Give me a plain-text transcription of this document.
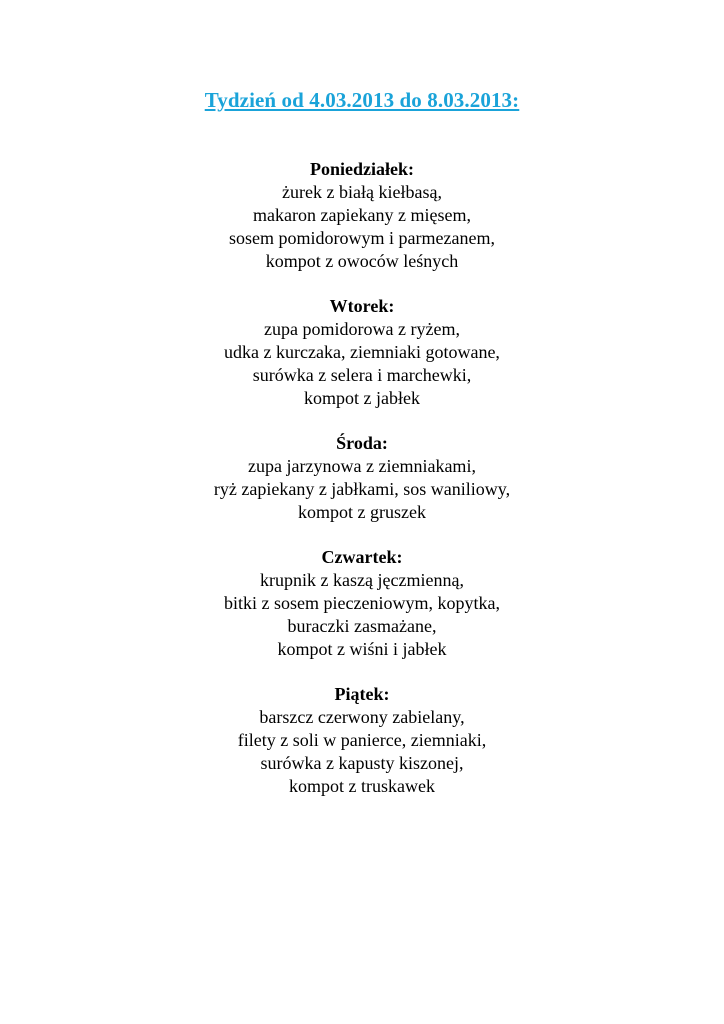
Tydzień od 4.03.2013 do 8.03.2013:

Poniedziałek:

żurek z białą kiełbasą,

makaron zapiekany z mięsem,

sosem pomidorowym i parmezanem,

kompot z owoców leśnych

Wtorek:

zupa pomidorowa z ryżem,

udka z kurczaka, ziemniaki gotowane,

surówka z selera i marchewki,

kompot z jabłek

Środa:

zupa jarzynowa z ziemniakami,

ryż zapiekany z jabłkami, sos waniliowy,

kompot z gruszek

Czwartek:

krupnik z kaszą jęczmienną,

bitki z sosem pieczeniowym, kopytka,

buraczki zasmażane,

kompot z wiśni i jabłek

Piątek:

barszcz czerwony zabielany,

filety z soli w panierce, ziemniaki,

surówka z kapusty kiszonej,

kompot z truskawek
